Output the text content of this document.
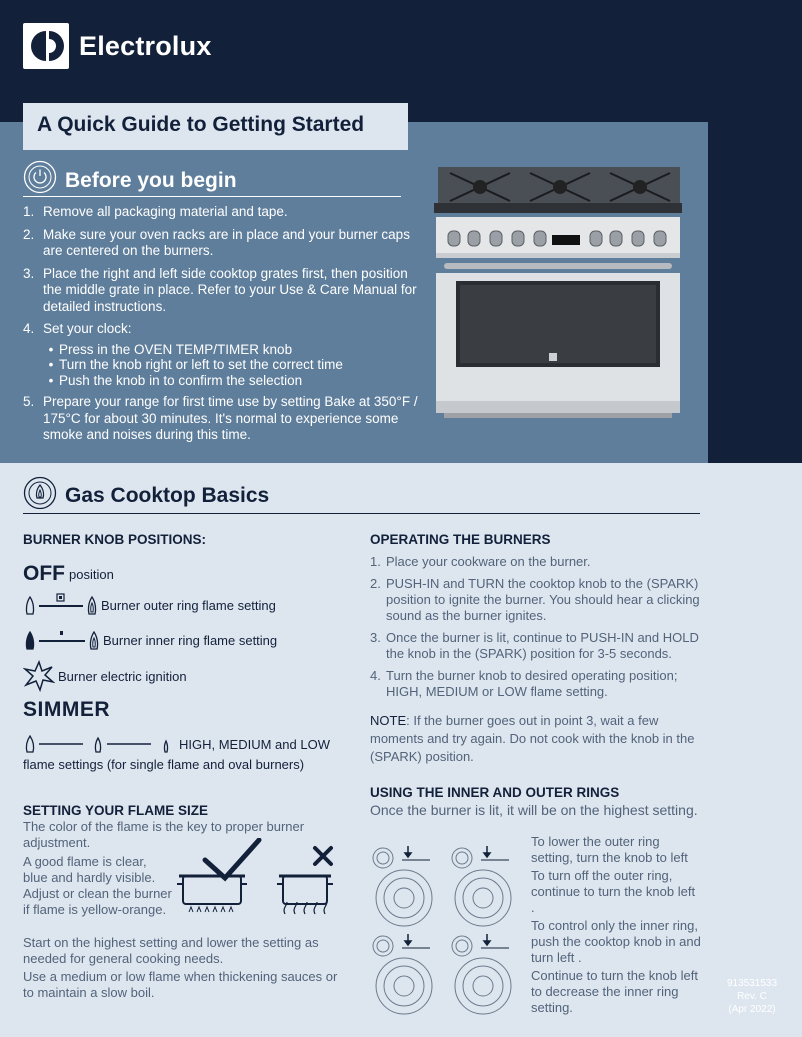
Electrolux
A Quick Guide to Getting Started
Before you begin
1. Remove all packaging material and tape.
2. Make sure your oven racks are in place and your burner caps are centered on the burners.
3. Place the right and left side cooktop grates first, then position the middle grate in place. Refer to your Use & Care Manual for detailed instructions.
4. Set your clock:
• Press in the OVEN TEMP/TIMER knob
• Turn the knob right or left to set the correct time
• Push the knob in to confirm the selection
5. Prepare your range for first time use by setting Bake at 350°F / 175°C for about 30 minutes. It's normal to experience some smoke and noises during this time.
Gas Cooktop Basics
BURNER KNOB POSITIONS:
OFF position
Burner outer ring flame setting
Burner inner ring flame setting
Burner electric ignition
SIMMER
HIGH, MEDIUM and LOW
flame settings (for single flame and oval burners)
OPERATING THE BURNERS
1. Place your cookware on the burner.
2. PUSH-IN and TURN the cooktop knob to the (SPARK) position to ignite the burner. You should hear a clicking sound as the burner ignites.
3. Once the burner is lit, continue to PUSH-IN and HOLD the knob in the (SPARK) position for 3-5 seconds.
4. Turn the burner knob to desired operating position; HIGH, MEDIUM or LOW flame setting.
NOTE: If the burner goes out in point 3, wait a few moments and try again. Do not cook with the knob in the (SPARK) position.
SETTING YOUR FLAME SIZE
The color of the flame is the key to proper burner adjustment.
A good flame is clear, blue and hardly visible. Adjust or clean the burner if flame is yellow-orange.
Start on the highest setting and lower the setting as needed for general cooking needs.
Use a medium or low flame when thickening sauces or to maintain a slow boil.
USING THE INNER AND OUTER RINGS
Once the burner is lit, it will be on the highest setting.
To lower the outer ring setting, turn the knob to left
To turn off the outer ring, continue to turn the knob left .
To control only the inner ring, push the cooktop knob in and turn left .
Continue to turn the knob left to decrease the inner ring setting.
913531533
Rev. C
(Apr 2022)
